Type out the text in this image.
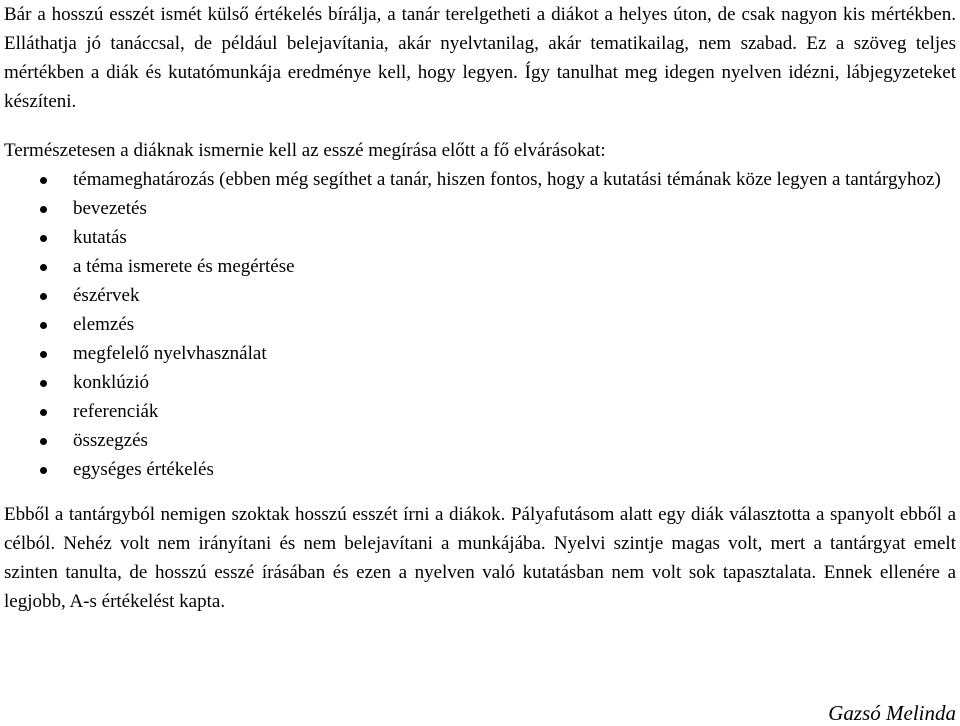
Bár a hosszú esszét ismét külső értékelés bírálja, a tanár terelgetheti a diákot a helyes úton, de csak nagyon kis mértékben. Elláthatja jó tanáccsal, de például belejavítania, akár nyelvtanilag, akár tematikailag, nem szabad. Ez a szöveg teljes mértékben a diák és kutatómunkája eredménye kell, hogy legyen. Így tanulhat meg idegen nyelven idézni, lábjegyzeteket készíteni.

Természetesen a diáknak ismernie kell az esszé megírása előtt a fő elvárásokat:

témameghatározás (ebben még segíthet a tanár, hiszen fontos, hogy a kutatási témának köze legyen a tantárgyhoz)
bevezetés
kutatás
a téma ismerete és megértése
észérvek
elemzés
megfelelő nyelvhasználat
konklúzió
referenciák
összegzés
egységes értékelés

Ebből a tantárgyból nemigen szoktak hosszú esszét írni a diákok. Pályafutásom alatt egy diák választotta a spanyolt ebből a célból. Nehéz volt nem irányítani és nem belejavítani a munkájába. Nyelvi szintje magas volt, mert a tantárgyat emelt szinten tanulta, de hosszú esszé írásában és ezen a nyelven való kutatásban nem volt sok tapasztalata. Ennek ellenére a legjobb, A-s értékelést kapta.

Gazsó Melinda
